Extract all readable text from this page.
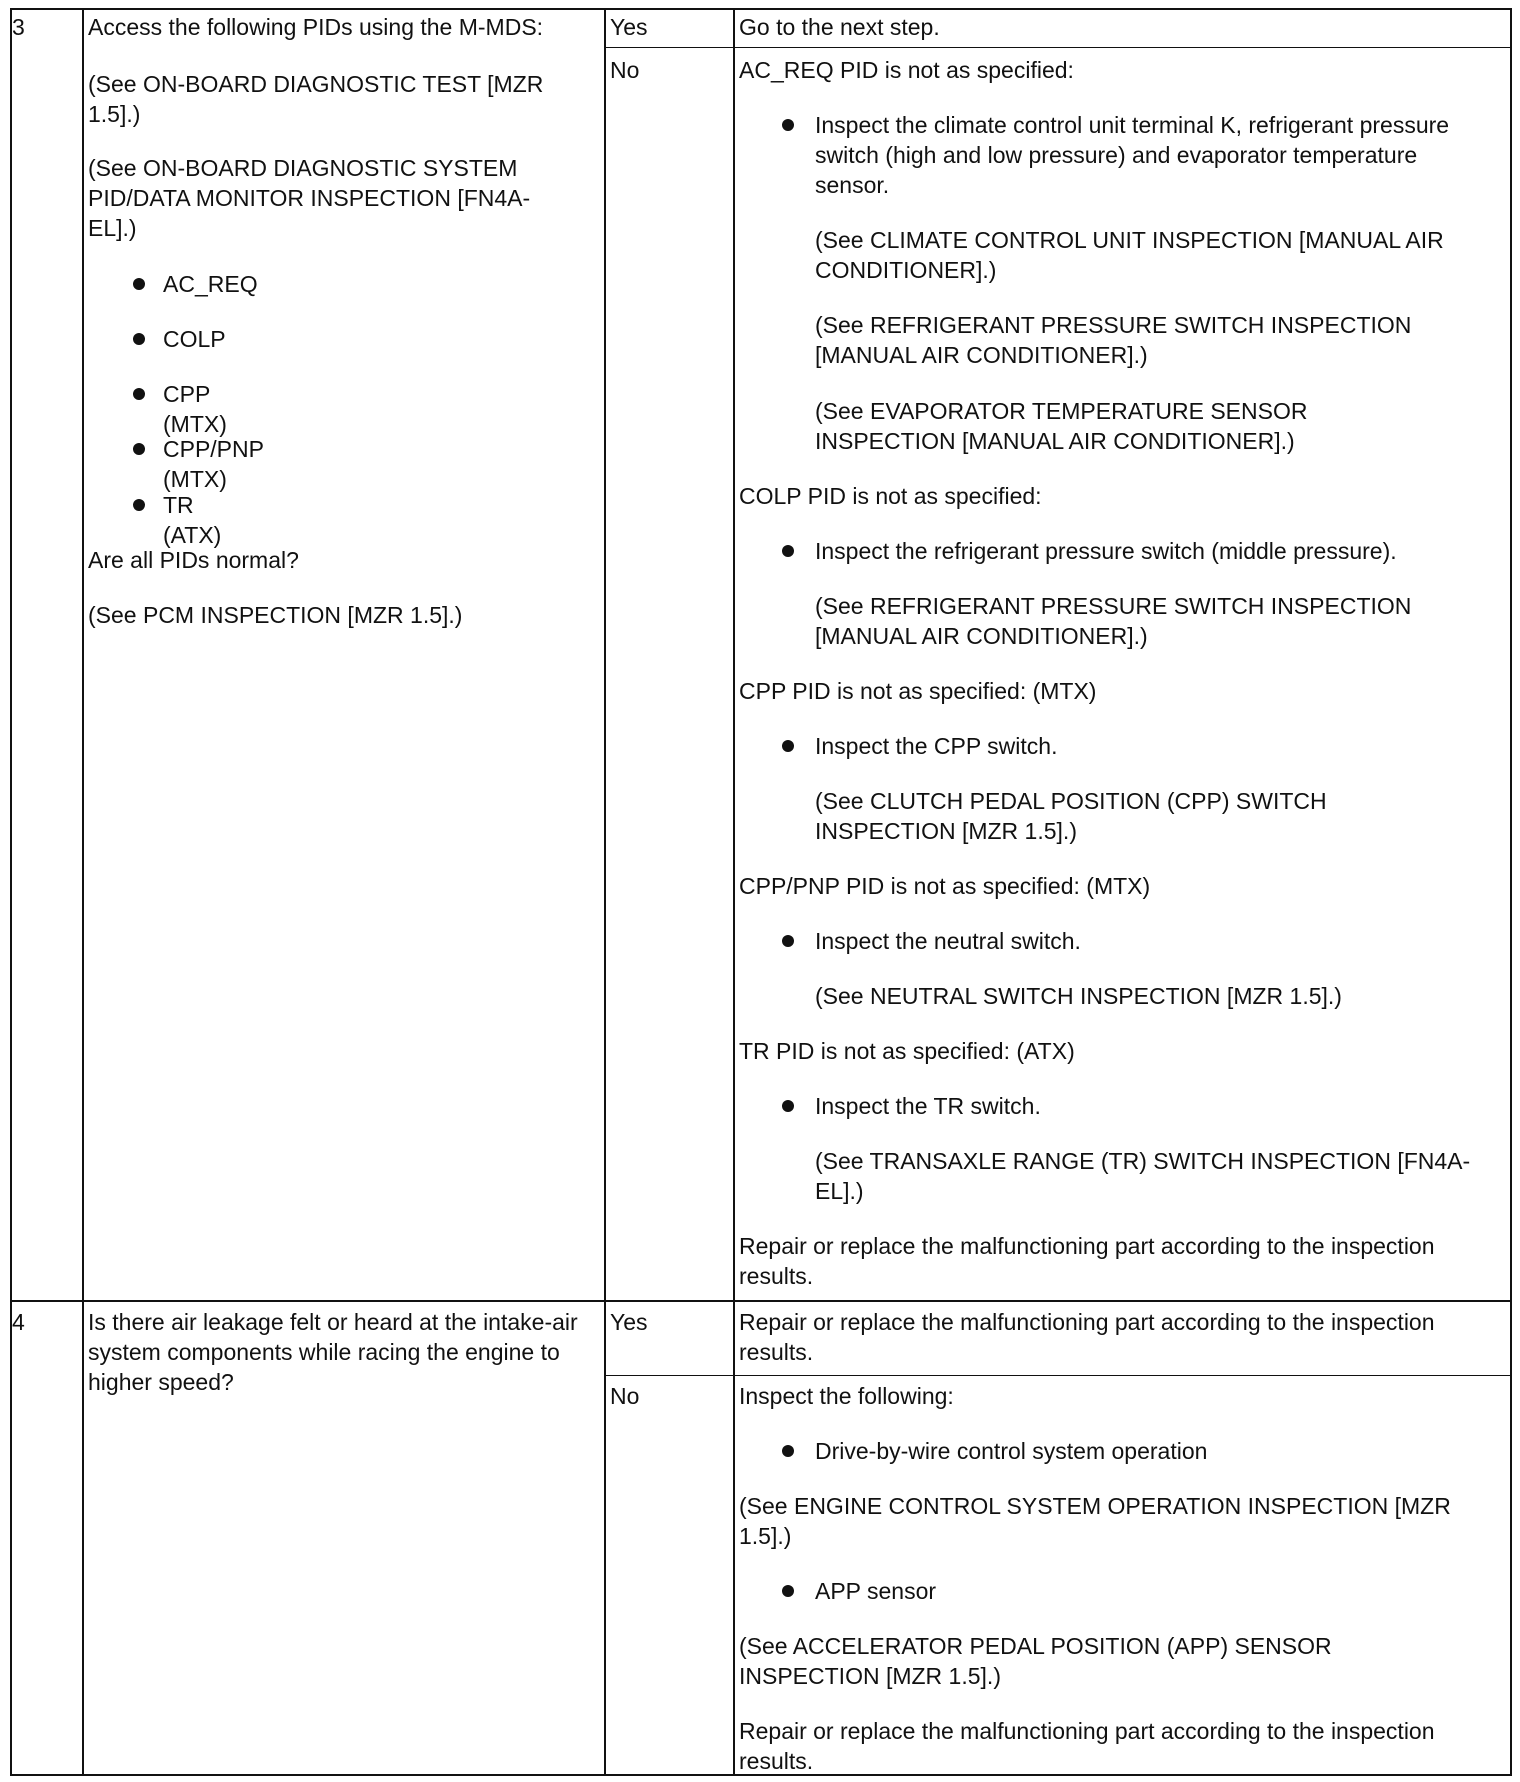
3	Access the following PIDs using the M-MDS:
(See ON-BOARD DIAGNOSTIC TEST [MZR 1.5].)
(See ON-BOARD DIAGNOSTIC SYSTEM PID/DATA MONITOR INSPECTION [FN4A-EL].)
AC_REQ
COLP
CPP (MTX)
CPP/PNP (MTX)
TR (ATX)
Are all PIDs normal?
(See PCM INSPECTION [MZR 1.5].)
Yes	Go to the next step.
No	AC_REQ PID is not as specified:
Inspect the climate control unit terminal K, refrigerant pressure switch (high and low pressure) and evaporator temperature sensor.
(See CLIMATE CONTROL UNIT INSPECTION [MANUAL AIR CONDITIONER].)
(See REFRIGERANT PRESSURE SWITCH INSPECTION [MANUAL AIR CONDITIONER].)
(See EVAPORATOR TEMPERATURE SENSOR INSPECTION [MANUAL AIR CONDITIONER].)
COLP PID is not as specified:
Inspect the refrigerant pressure switch (middle pressure).
(See REFRIGERANT PRESSURE SWITCH INSPECTION [MANUAL AIR CONDITIONER].)
CPP PID is not as specified: (MTX)
Inspect the CPP switch.
(See CLUTCH PEDAL POSITION (CPP) SWITCH INSPECTION [MZR 1.5].)
CPP/PNP PID is not as specified: (MTX)
Inspect the neutral switch.
(See NEUTRAL SWITCH INSPECTION [MZR 1.5].)
TR PID is not as specified: (ATX)
Inspect the TR switch.
(See TRANSAXLE RANGE (TR) SWITCH INSPECTION [FN4A-EL].)
Repair or replace the malfunctioning part according to the inspection results.
4	Is there air leakage felt or heard at the intake-air system components while racing the engine to higher speed?
Yes	Repair or replace the malfunctioning part according to the inspection results.
No	Inspect the following:
Drive-by-wire control system operation
(See ENGINE CONTROL SYSTEM OPERATION INSPECTION [MZR 1.5].)
APP sensor
(See ACCELERATOR PEDAL POSITION (APP) SENSOR INSPECTION [MZR 1.5].)
Repair or replace the malfunctioning part according to the inspection results.
